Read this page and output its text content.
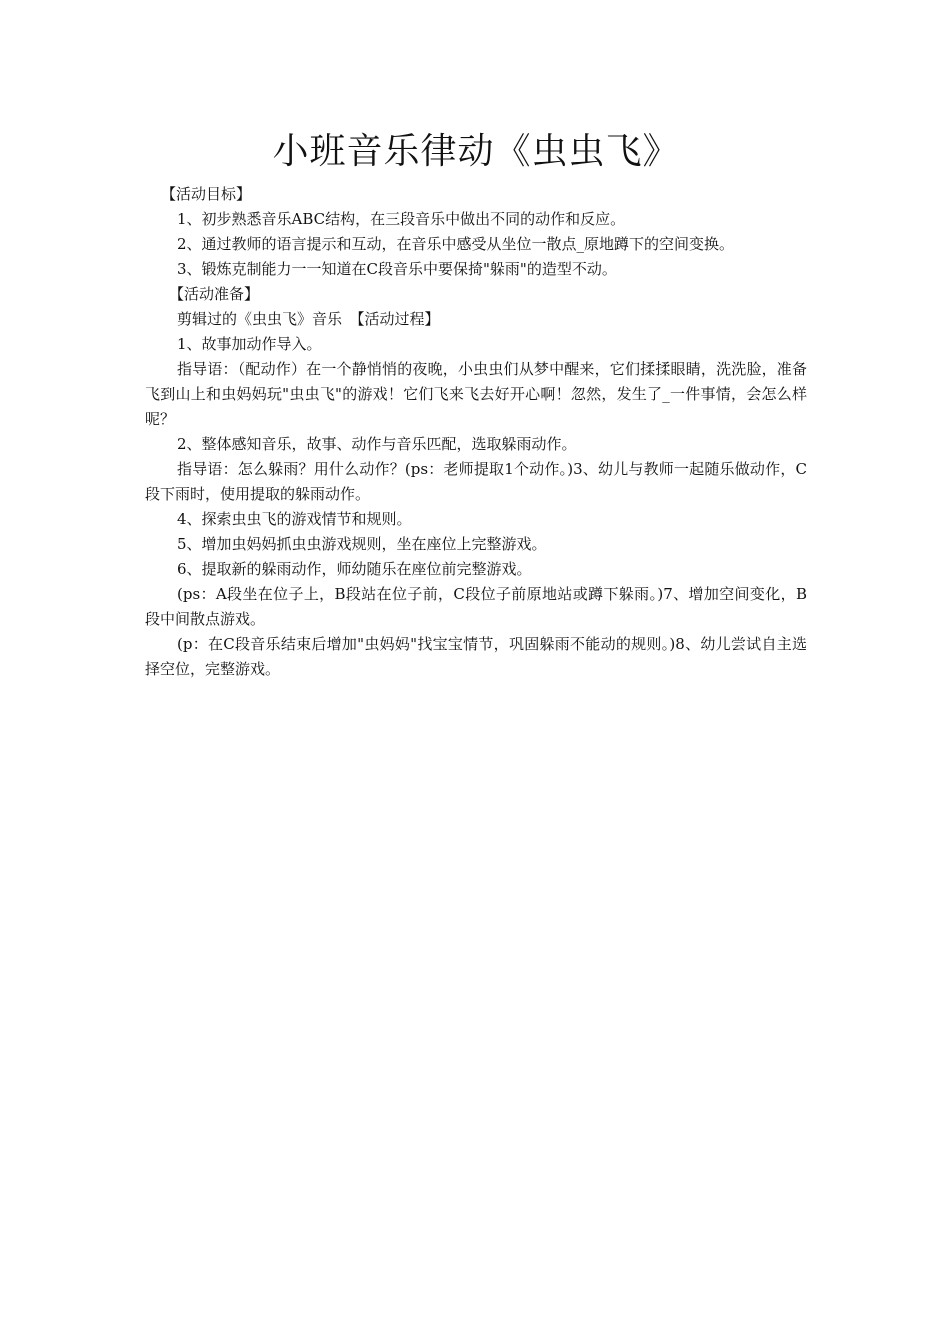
小班音乐律动《虫虫飞》

【活动目标】

1、初步熟悉音乐ABC结构，在三段音乐中做出不同的动作和反应。

2、通过教师的语言提示和互动，在音乐中感受从坐位一散点_原地蹲下的空间变换。

3、锻炼克制能力一一知道在C段音乐中要保掎"躲雨"的造型不动。

【活动准备】

剪辑过的《虫虫飞》音乐　【活动过程】

1、故事加动作导入。

指导语：（配动作）在一个静悄悄的夜晚，小虫虫们从梦中醒来，它们揉揉眼睛，洗洗脸，准备飞到山上和虫妈妈玩"虫虫飞"的游戏！它们飞来飞去好开心啊！忽然，发生了_一件事情，会怎么样呢？

2、整体感知音乐，故事、动作与音乐匹配，选取躲雨动作。

指导语：怎么躲雨？用什么动作？(ps：老师提取1个动作。)3、幼儿与教师一起随乐做动作，C段下雨时，使用提取的躲雨动作。

4、探索虫虫飞的游戏情节和规则。

5、增加虫妈妈抓虫虫游戏规则，坐在座位上完整游戏。

6、提取新的躲雨动作，师幼随乐在座位前完整游戏。

(ps：A段坐在位子上，B段站在位子前，C段位子前原地站或蹲下躲雨。)7、增加空间变化，B段中间散点游戏。

(p：在C段音乐结束后增加"虫妈妈"找宝宝情节，巩固躲雨不能动的规则。)8、幼儿尝试自主选择空位，完整游戏。
